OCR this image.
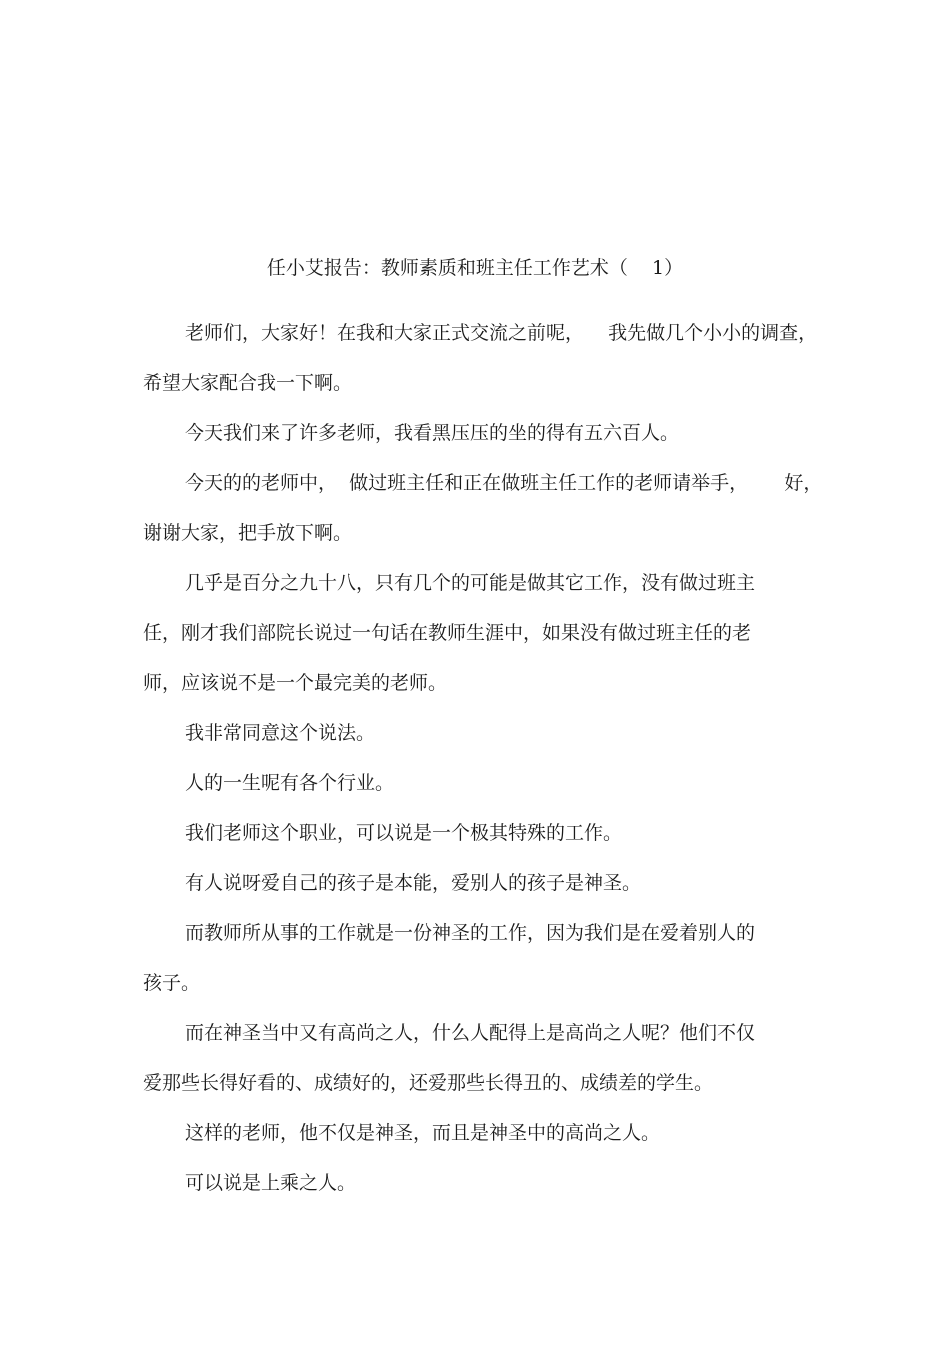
任小艾报告：教师素质和班主任工作艺术（    1）
老师们，大家好！在我和大家正式交流之前呢，    我先做几个小小的调查，
希望大家配合我一下啊。
今天我们来了许多老师，我看黑压压的坐的得有五六百人。
今天的的老师中，  做过班主任和正在做班主任工作的老师请举手，      好，
谢谢大家，把手放下啊。
几乎是百分之九十八，只有几个的可能是做其它工作，没有做过班主
任，刚才我们部院长说过一句话在教师生涯中，如果没有做过班主任的老
师，应该说不是一个最完美的老师。
我非常同意这个说法。
人的一生呢有各个行业。
我们老师这个职业，可以说是一个极其特殊的工作。
有人说呀爱自己的孩子是本能，爱别人的孩子是神圣。
而教师所从事的工作就是一份神圣的工作，因为我们是在爱着别人的
孩子。
而在神圣当中又有高尚之人，什么人配得上是高尚之人呢？他们不仅
爱那些长得好看的、成绩好的，还爱那些长得丑的、成绩差的学生。
这样的老师，他不仅是神圣，而且是神圣中的高尚之人。
可以说是上乘之人。
